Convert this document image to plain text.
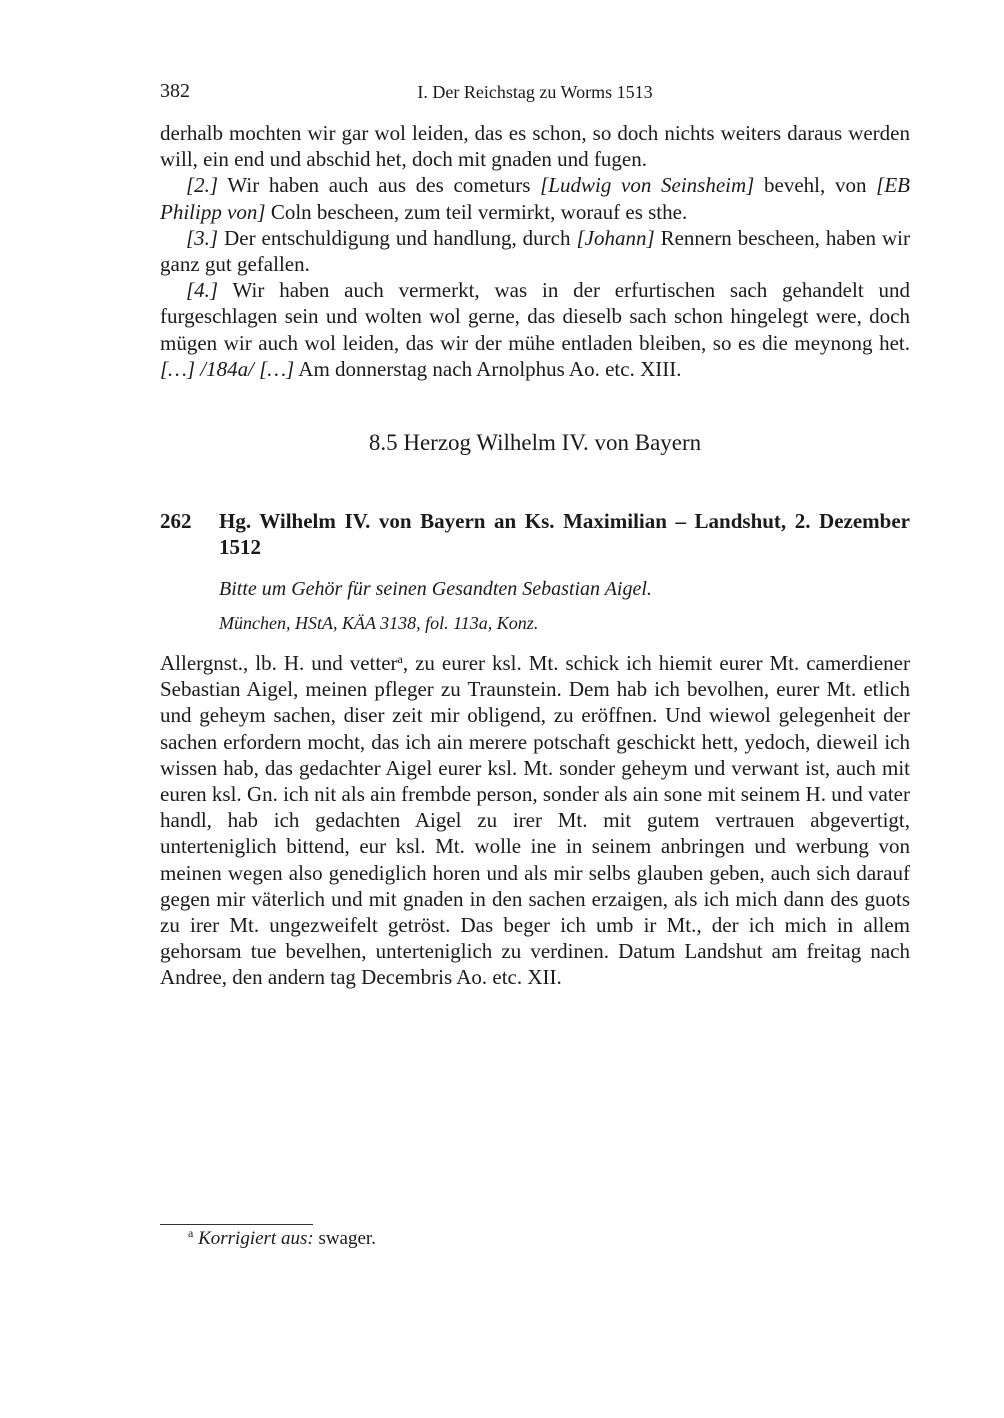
382	I. Der Reichstag zu Worms 1513

derhalb mochten wir gar wol leiden, das es schon, so doch nichts weiters daraus werden will, ein end und abschid het, doch mit gnaden und fugen.

[2.] Wir haben auch aus des cometurs [Ludwig von Seinsheim] bevehl, von [EB Philipp von] Coln bescheen, zum teil vermirkt, worauf es sthe.

[3.] Der entschuldigung und handlung, durch [Johann] Rennern bescheen, haben wir ganz gut gefallen.

[4.] Wir haben auch vermerkt, was in der erfurtischen sach gehandelt und furgeschlagen sein und wolten wol gerne, das dieselb sach schon hingelegt were, doch mügen wir auch wol leiden, das wir der mühe entladen bleiben, so es die meynong het. […] /184a/ […] Am donnerstag nach Arnolphus Ao. etc. XIII.

8.5 Herzog Wilhelm IV. von Bayern
262 Hg. Wilhelm IV. von Bayern an Ks. Maximilian – Landshut, 2. Dezember 1512
Bitte um Gehör für seinen Gesandten Sebastian Aigel.
München, HStA, KÄA 3138, fol. 113a, Konz.

Allergnst., lb. H. und vetter$^a$, zu eurer ksl. Mt. schick ich hiemit eurer Mt. camerdiener Sebastian Aigel, meinen pfleger zu Traunstein. Dem hab ich bevolhen, eurer Mt. etlich und geheym sachen, diser zeit mir obligend, zu eröffnen. Und wiewol gelegenheit der sachen erfordern mocht, das ich ain merere potschaft geschickt hett, yedoch, dieweil ich wissen hab, das gedachter Aigel eurer ksl. Mt. sonder geheym und verwant ist, auch mit euren ksl. Gn. ich nit als ain frembde person, sonder als ain sone mit seinem H. und vater handl, hab ich gedachten Aigel zu irer Mt. mit gutem vertrauen abgevertigt, unterteniglich bittend, eur ksl. Mt. wolle ine in seinem anbringen und werbung von meinen wegen also genediglich horen und als mir selbs glauben geben, auch sich darauf gegen mir väterlich und mit gnaden in den sachen erzaigen, als ich mich dann des guots zu irer Mt. ungezweifelt getröst. Das beger ich umb ir Mt., der ich mich in allem gehorsam tue bevelhen, unterteniglich zu verdinen. Datum Landshut am freitag nach Andree, den andern tag Decembris Ao. etc. XII.

$^a$ Korrigiert aus: swager.
